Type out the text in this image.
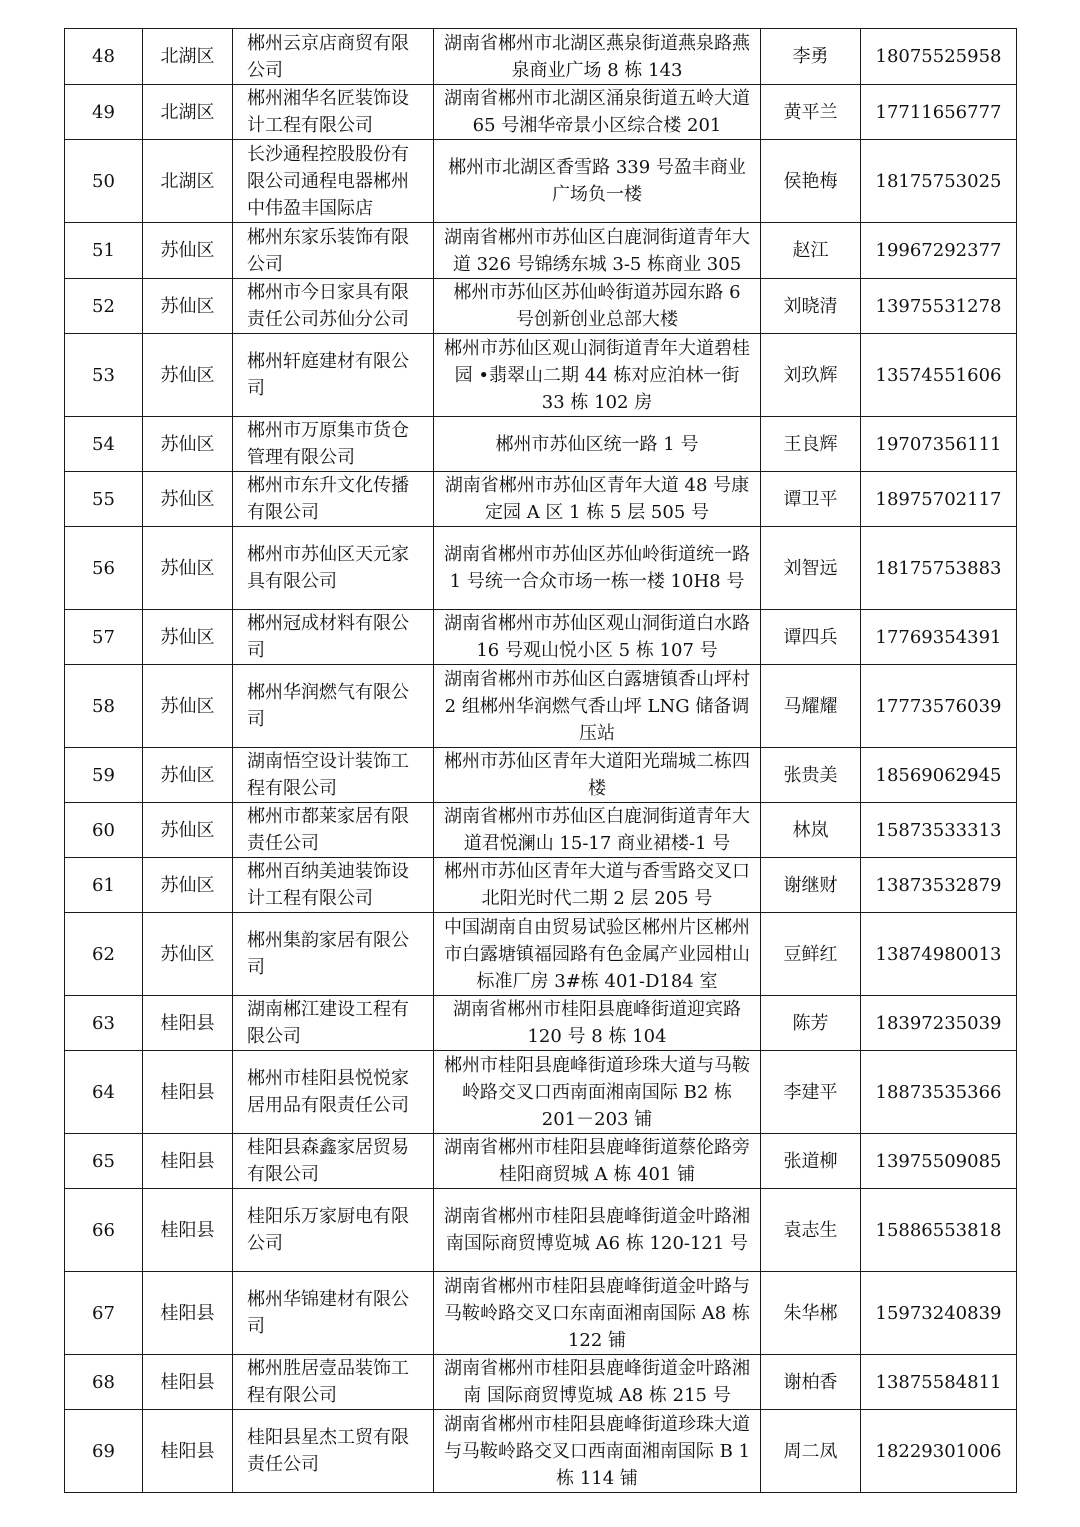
48	北湖区	郴州云京店商贸有限公司	湖南省郴州市北湖区燕泉街道燕泉路燕泉商业广场 8 栋 143	李勇	18075525958
49	北湖区	郴州湘华名匠装饰设计工程有限公司	湖南省郴州市北湖区涌泉街道五岭大道 65 号湘华帝景小区综合楼 201	黄平兰	17711656777
50	北湖区	长沙通程控股股份有限公司通程电器郴州中伟盈丰国际店	郴州市北湖区香雪路 339 号盈丰商业广场负一楼	侯艳梅	18175753025
51	苏仙区	郴州东家乐装饰有限公司	湖南省郴州市苏仙区白鹿洞街道青年大道 326 号锦绣东城 3-5 栋商业 305	赵江	19967292377
52	苏仙区	郴州市今日家具有限责任公司苏仙分公司	郴州市苏仙区苏仙岭街道苏园东路 6 号创新创业总部大楼	刘晓清	13975531278
53	苏仙区	郴州轩庭建材有限公司	郴州市苏仙区观山洞街道青年大道碧桂园 •翡翠山二期 44 栋对应泊林一街 33 栋 102 房	刘玖辉	13574551606
54	苏仙区	郴州市万原集市货仓管理有限公司	郴州市苏仙区统一路 1 号	王良辉	19707356111
55	苏仙区	郴州市东升文化传播有限公司	湖南省郴州市苏仙区青年大道 48 号康定园 A 区 1 栋 5 层 505 号	谭卫平	18975702117
56	苏仙区	郴州市苏仙区天元家具有限公司	湖南省郴州市苏仙区苏仙岭街道统一路 1 号统一合众市场一栋一楼 10H8 号	刘智远	18175753883
57	苏仙区	郴州冠成材料有限公司	湖南省郴州市苏仙区观山洞街道白水路 16 号观山悦小区 5 栋 107 号	谭四兵	17769354391
58	苏仙区	郴州华润燃气有限公司	湖南省郴州市苏仙区白露塘镇香山坪村 2 组郴州华润燃气香山坪 LNG 储备调压站	马耀耀	17773576039
59	苏仙区	湖南悟空设计装饰工程有限公司	郴州市苏仙区青年大道阳光瑞城二栋四楼	张贵美	18569062945
60	苏仙区	郴州市都莱家居有限责任公司	湖南省郴州市苏仙区白鹿洞街道青年大道君悦澜山 15-17 商业裙楼-1 号	林岚	15873533313
61	苏仙区	郴州百纳美迪装饰设计工程有限公司	郴州市苏仙区青年大道与香雪路交叉口北阳光时代二期 2 层 205 号	谢继财	13873532879
62	苏仙区	郴州集韵家居有限公司	中国湖南自由贸易试验区郴州片区郴州市白露塘镇福园路有色金属产业园柑山标准厂房 3#栋 401-D184 室	豆鲜红	13874980013
63	桂阳县	湖南郴江建设工程有限公司	湖南省郴州市桂阳县鹿峰街道迎宾路 120 号 8 栋 104	陈芳	18397235039
64	桂阳县	郴州市桂阳县悦悦家居用品有限责任公司	郴州市桂阳县鹿峰街道珍珠大道与马鞍岭路交叉口西南面湘南国际 B2 栋 201－203 铺	李建平	18873535366
65	桂阳县	桂阳县森鑫家居贸易有限公司	湖南省郴州市桂阳县鹿峰街道蔡伦路旁桂阳商贸城 A 栋 401 铺	张道柳	13975509085
66	桂阳县	桂阳乐万家厨电有限公司	湖南省郴州市桂阳县鹿峰街道金叶路湘南国际商贸博览城 A6 栋 120-121 号	袁志生	15886553818
67	桂阳县	郴州华锦建材有限公司	湖南省郴州市桂阳县鹿峰街道金叶路与马鞍岭路交叉口东南面湘南国际 A8 栋 122 铺	朱华郴	15973240839
68	桂阳县	郴州胜居壹品装饰工程有限公司	湖南省郴州市桂阳县鹿峰街道金叶路湘南 国际商贸博览城 A8 栋 215 号	谢柏香	13875584811
69	桂阳县	桂阳县星杰工贸有限责任公司	湖南省郴州市桂阳县鹿峰街道珍珠大道与马鞍岭路交叉口西南面湘南国际 B 1 栋 114 铺	周二凤	18229301006
